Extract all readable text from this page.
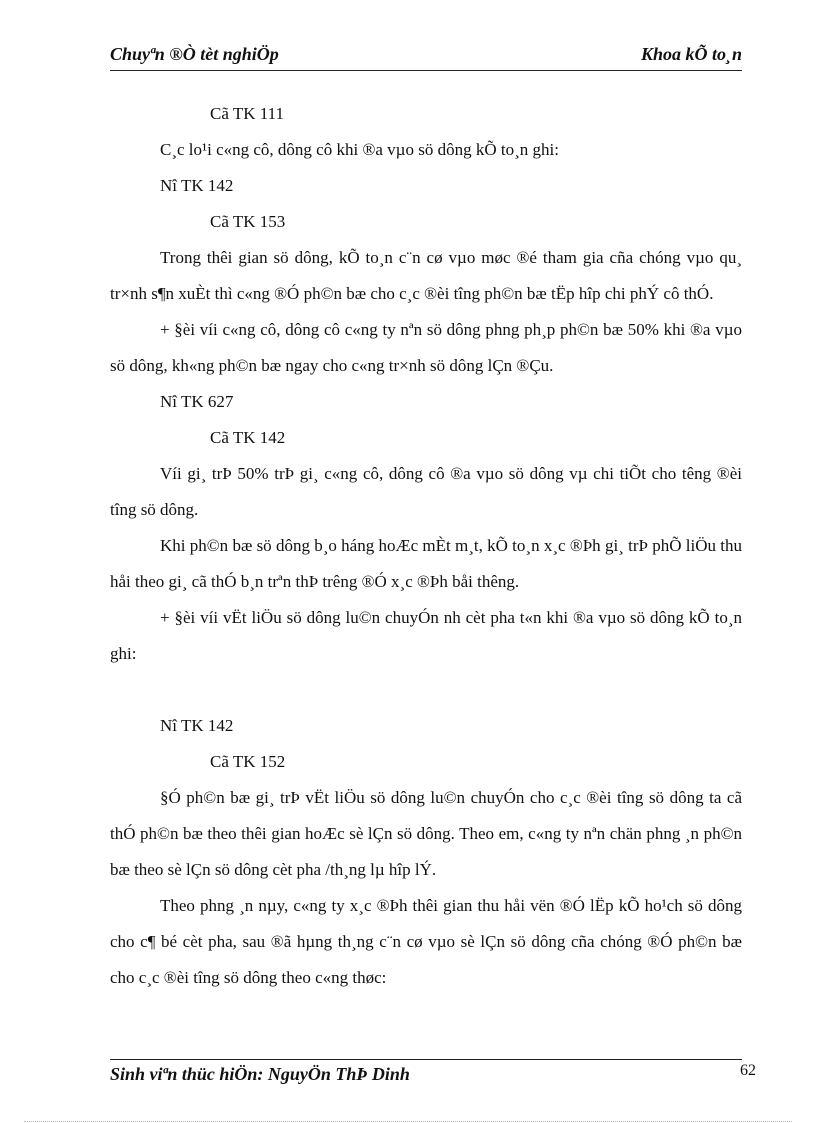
Chuyªn ®Ò tèt nghiÖp	Khoa kÕ to¸n

Cã TK 111

C¸c lo¹i c«ng cô, dông cô khi ®a vµo sö dông kÕ to¸n ghi:

Nî TK 142

Cã TK 153

Trong thêi gian sö dông, kÕ to¸n c¨n cø vµo møc ®é tham gia cña chóng vµo qu¸ tr×nh s¶n xuÈt thì c«ng ®Ó ph©n bæ cho c¸c ®èi tîng ph©n bæ tËp hîp chi phÝ cô thÓ.

+ §èi víi c«ng cô, dông cô c«ng ty nªn sö dông phng ph¸p ph©n bæ 50% khi ®a vµo sö dông, kh«ng ph©n bæ ngay cho c«ng tr×nh sö dông lÇn ®Çu.

Nî TK 627

Cã TK 142

Víi gi¸ trÞ 50% trÞ gi¸ c«ng cô, dông cô ®a vµo sö dông vµ chi tiÕt cho têng ®èi tîng sö dông.

Khi ph©n bæ sö dông b¸o háng hoÆc mÈt m¸t, kÕ to¸n x¸c ®Þh gi¸ trÞ phÕ liÖu thu håi theo gi¸ cã thÓ b¸n trªn thÞ trêng ®Ó x¸c ®Þh båi thêng.

+ §èi víi vËt liÖu sö dông lu©n chuyÓn nh cèt pha t«n khi ®a vµo sö dông kÕ to¸n ghi:

Nî TK 142

Cã TK 152

§Ó ph©n bæ gi¸ trÞ vËt liÖu sö dông lu©n chuyÓn cho c¸c ®èi tîng sö dông ta cã thÓ ph©n bæ theo thêi gian hoÆc sè lÇn sö dông. Theo em, c«ng ty nªn chän phng ¸n ph©n bæ theo sè lÇn sö dông cèt pha /th¸ng lµ hîp lÝ.

Theo phng ¸n nµy, c«ng ty x¸c ®Þh thêi gian thu håi vën ®Ó lËp kÕ ho¹ch sö dông cho c¶ bé cèt pha, sau ®ã hµng th¸ng c¨n cø vµo sè lÇn sö dông cña chóng ®Ó ph©n bæ cho c¸c ®èi tîng sö dông theo c«ng thøc:

Sinh viªn thüc hiÖn: NguyÖn ThÞ Dinh	62
